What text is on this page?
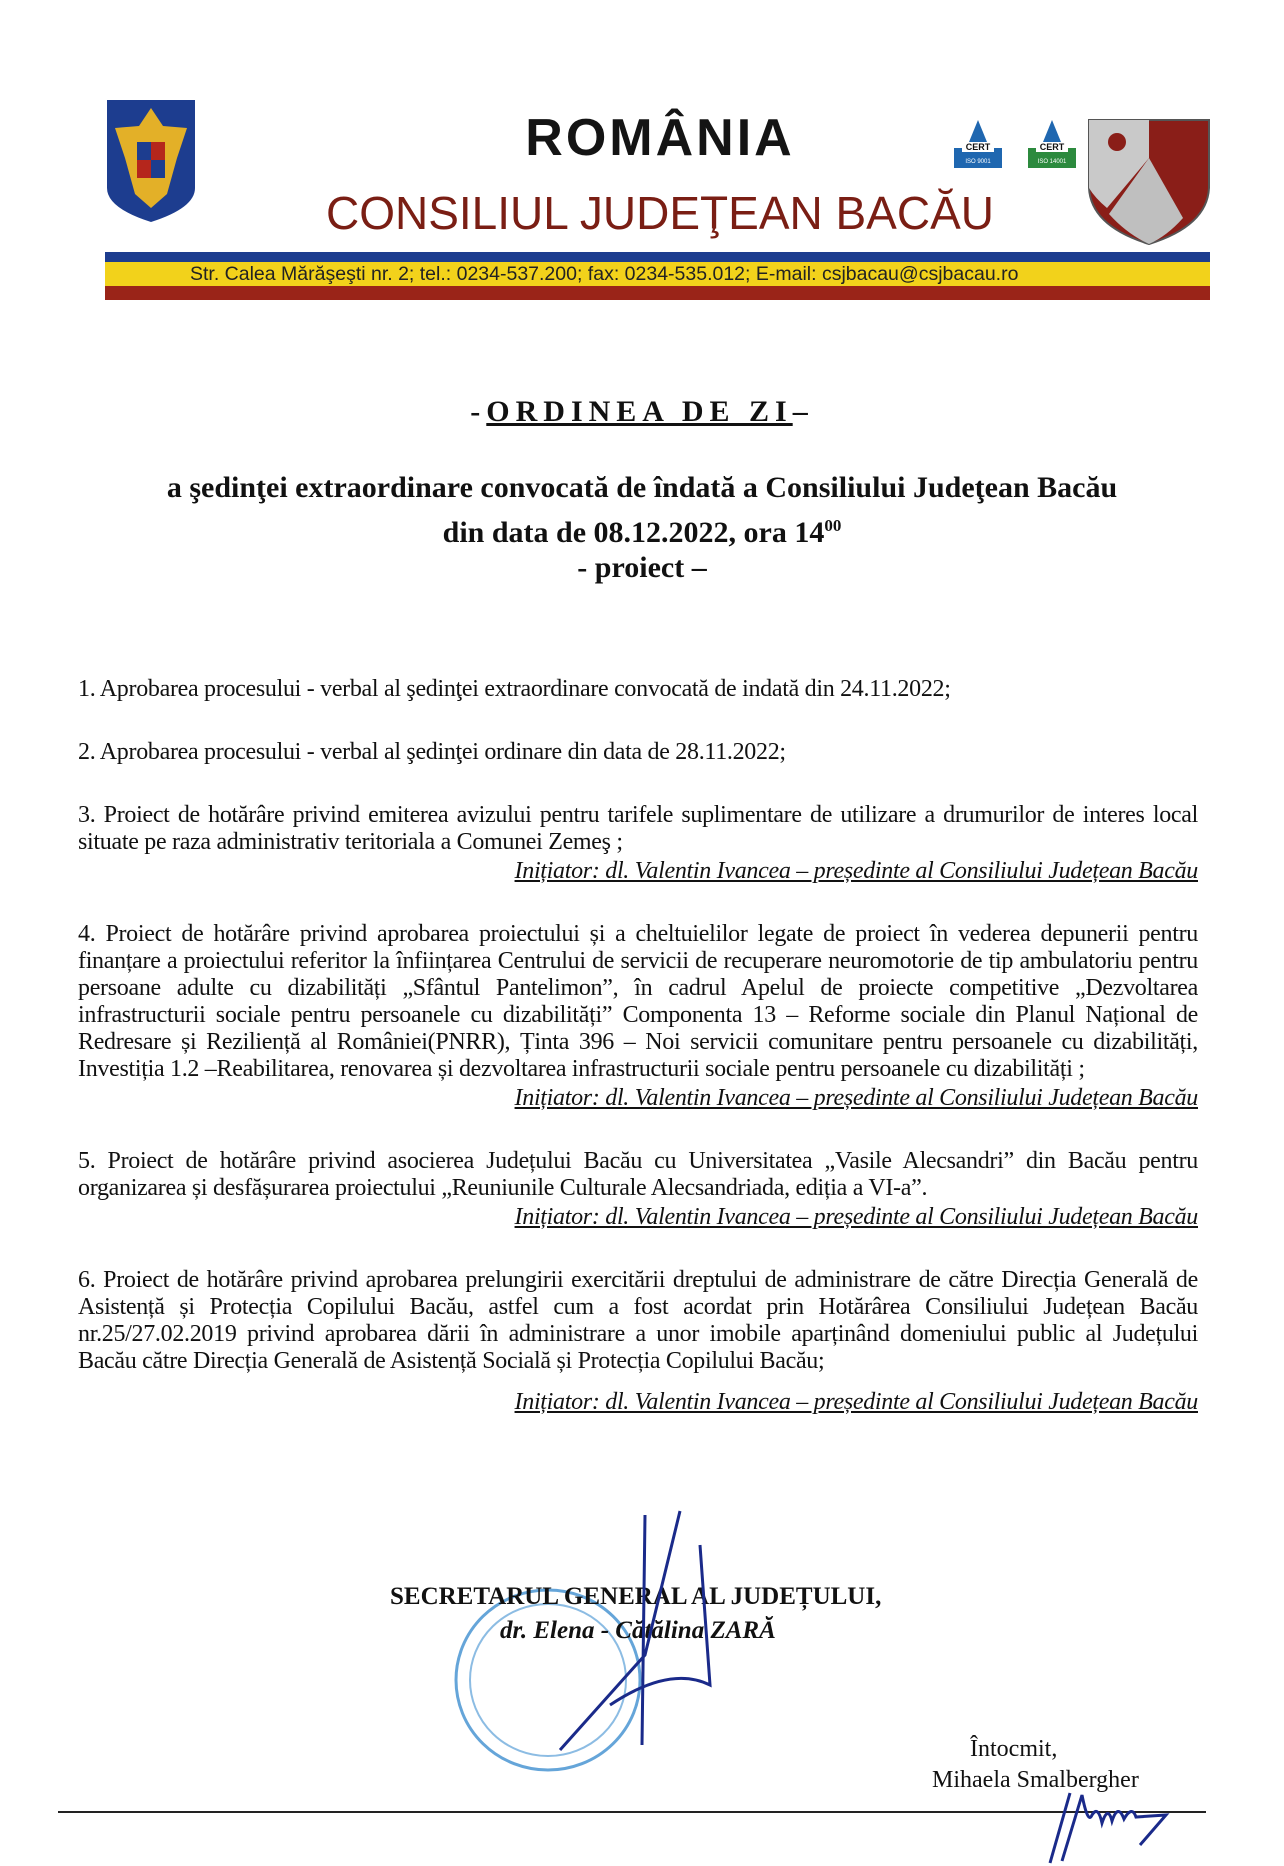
ROMÂNIA	CERT
ISO 9001
CERT
ISO 14001
Str. Calea Mărăşeşti nr. 2; tel.: 0234-537.200; fax: 0234-535.012; E-mail: csjbacau@csjbacau.ro
CONSILIUL JUDEŢEAN BACĂU
-ORDINEA DE ZI–
a şedinţei extraordinare convocată de îndată a Consiliului Judeţean Bacău
din data de 08.12.2022, ora $14^{00}$
- proiect –
1. Aprobarea procesului - verbal al şedinţei extraordinare convocată de indată din 24.11.2022;
2. Aprobarea procesului - verbal al şedinţei ordinare din data de 28.11.2022;
3. Proiect de hotărâre privind emiterea avizului pentru tarifele suplimentare de utilizare a drumurilor de interes local situate pe raza administrativ teritoriala a Comunei Zemeş ;
Inițiator: dl. Valentin Ivancea – președinte al Consiliului Județean Bacău
4. Proiect de hotărâre privind aprobarea proiectului și a cheltuielilor legate de proiect în vederea depunerii pentru finanțare a proiectului referitor la înființarea Centrului de servicii de recuperare neuromotorie de tip ambulatoriu pentru persoane adulte cu dizabilități „Sfântul Pantelimon”, în cadrul Apelul de proiecte competitive „Dezvoltarea infrastructurii sociale pentru persoanele cu dizabilități” Componenta 13 – Reforme sociale din Planul Național de Redresare și Reziliență al României(PNRR), Ținta 396 – Noi servicii comunitare pentru persoanele cu dizabilități, Investiția 1.2 –Reabilitarea, renovarea și dezvoltarea infrastructurii sociale pentru persoanele cu dizabilități ;
Inițiator: dl. Valentin Ivancea – președinte al Consiliului Județean Bacău
5. Proiect de hotărâre privind asocierea Județului Bacău cu Universitatea „Vasile Alecsandri” din Bacău pentru organizarea și desfășurarea proiectului „Reuniunile Culturale Alecsandriada, ediția a VI-a”.
Inițiator: dl. Valentin Ivancea – președinte al Consiliului Județean Bacău
6. Proiect de hotărâre privind aprobarea prelungirii exercitării dreptului de administrare de către Direcția Generală de Asistență și Protecția Copilului Bacău, astfel cum a fost acordat prin Hotărârea Consiliului Județean Bacău nr.25/27.02.2019 privind aprobarea dării în administrare a unor imobile aparținând domeniului public al Județului Bacău către Direcția Generală de Asistență Socială și Protecția Copilului Bacău;
Inițiator: dl. Valentin Ivancea – președinte al Consiliului Județean Bacău
SECRETARUL GENERAL AL JUDEȚULUI,
dr. Elena - Cătălina ZARĂ
Întocmit,
Mihaela Smalbergher
